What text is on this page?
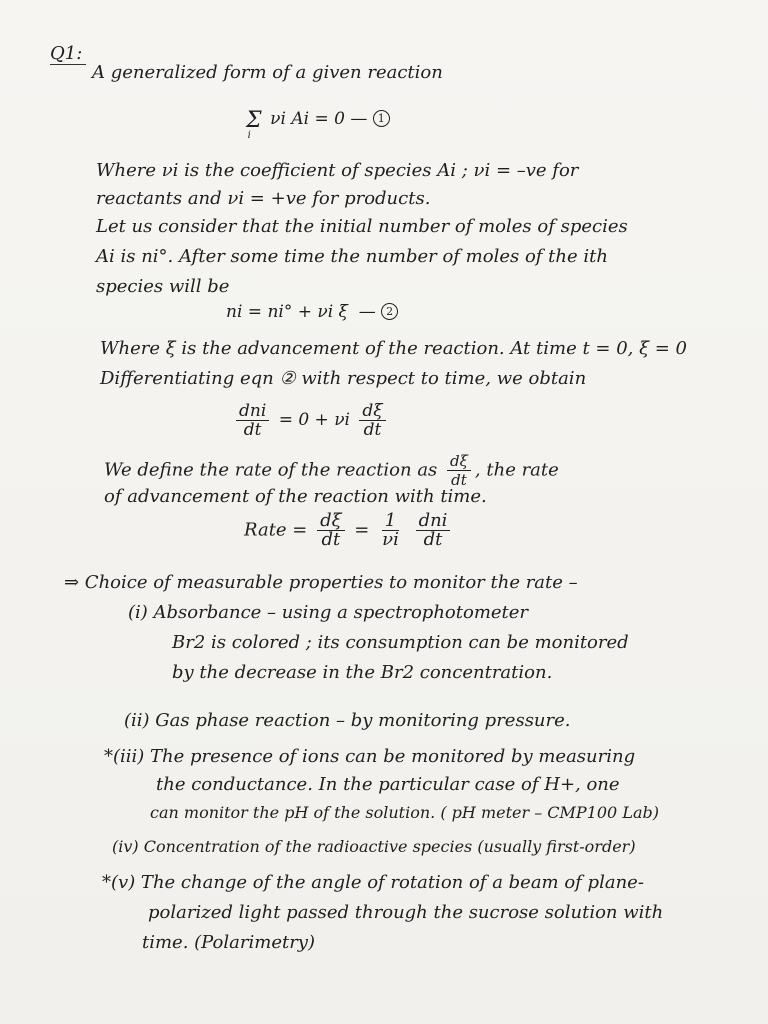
Q1:
A generalized form of a given reaction
$\Sigma_i$ νi Ai = 0 — 1
Where νi is the coefficient of species Ai ; νi = –ve for
reactants and νi = +ve for products.
Let us consider that the initial number of moles of species
Ai is ni°. After some time the number of moles of the ith
species will be
ni = ni° + νi ξ — 2
Where ξ is the advancement of the reaction. At time t = 0, ξ = 0
Differentiating eqn ② with respect to time, we obtain
$\frac{\text{dni}}{dt} = 0 + \nu i \frac{d\xi}{dt}$
We define the rate of the reaction as $\frac{d\xi}{dt}$ , the rate
of advancement of the reaction with time.
Rate = $\frac{d\xi}{dt} = \frac{1}{\nu i}$
$\frac{\text{dni}}{dt}$
⇒ Choice of measurable properties to monitor the rate –
(i) Absorbance – using a spectrophotometer
Br2 is colored ; its consumption can be monitored
by the decrease in the Br2 concentration.
(ii) Gas phase reaction – by monitoring pressure.
*(iii) The presence of ions can be monitored by measuring
the conductance. In the particular case of H+, one
can monitor the pH of the solution. ( pH meter – CMP100 Lab)
(iv) Concentration of the radioactive species (usually first-order)
*(v) The change of the angle of rotation of a beam of plane-
polarized light passed through the sucrose solution with
time. (Polarimetry)
